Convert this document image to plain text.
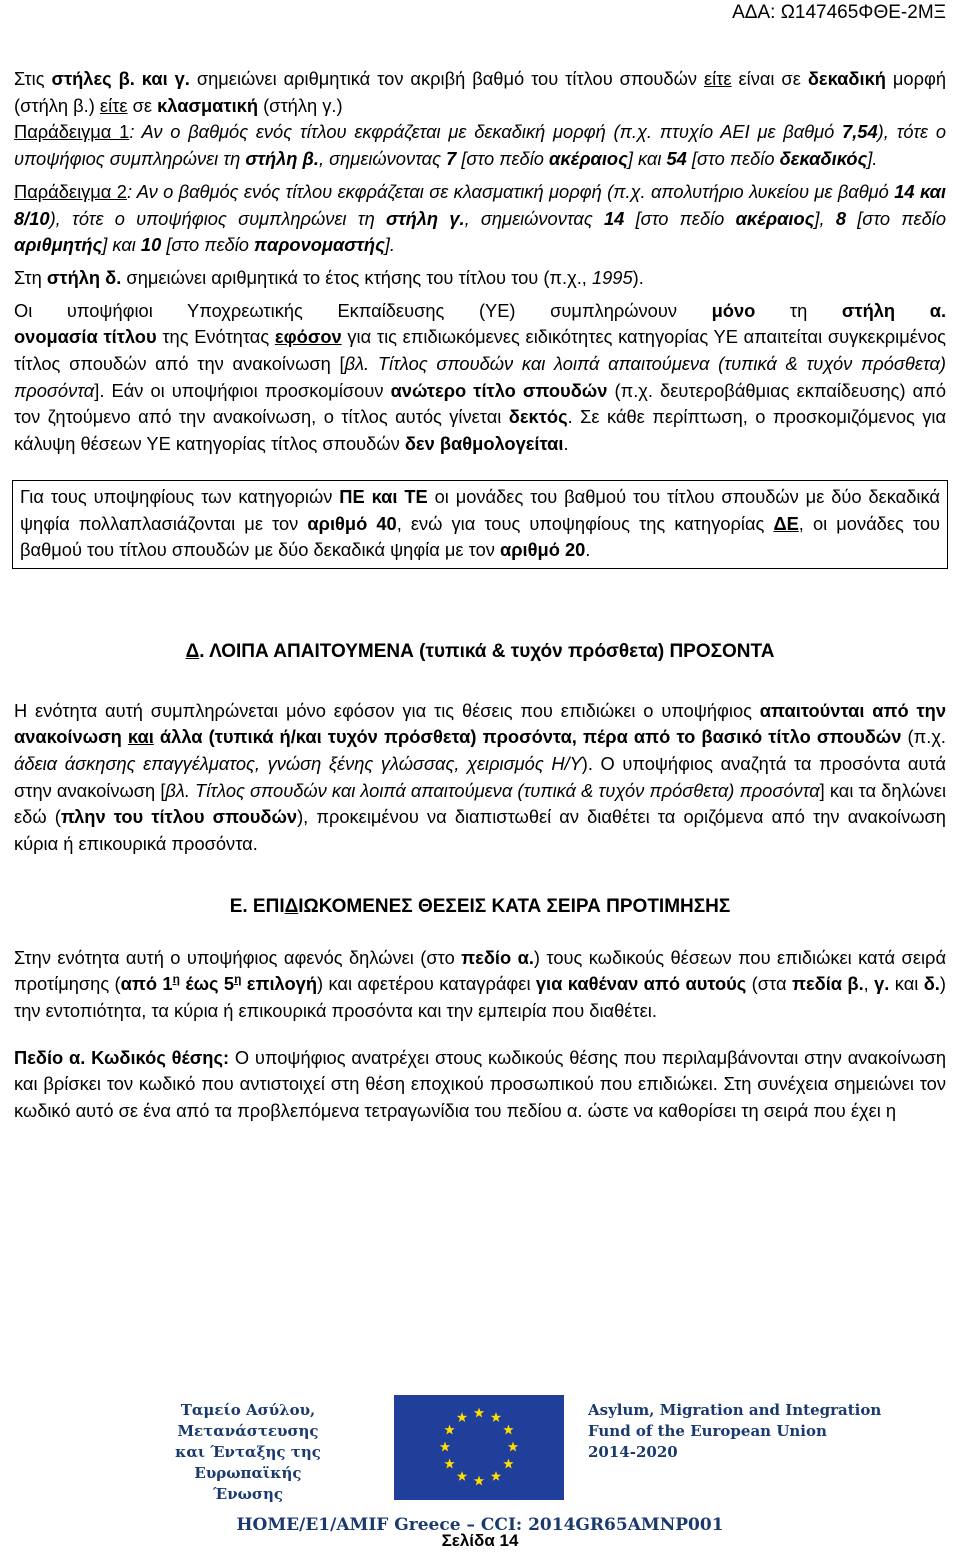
ΑΔΑ: Ω147465ΦΘΕ-2ΜΞ

Στις στήλες β. και γ. σημειώνει αριθμητικά τον ακριβή βαθμό του τίτλου σπουδών είτε είναι σε δεκαδική μορφή (στήλη β.) είτε σε κλασματική (στήλη γ.)

Παράδειγμα 1: Αν ο βαθμός ενός τίτλου εκφράζεται με δεκαδική μορφή (π.χ. πτυχίο ΑΕΙ με βαθμό 7,54), τότε ο υποψήφιος συμπληρώνει τη στήλη β., σημειώνοντας 7 [στο πεδίο ακέραιος] και 54 [στο πεδίο δεκαδικός].

Παράδειγμα 2: Αν ο βαθμός ενός τίτλου εκφράζεται σε κλασματική μορφή (π.χ. απολυτήριο λυκείου με βαθμό 14 και 8/10), τότε ο υποψήφιος συμπληρώνει τη στήλη γ., σημειώνοντας 14 [στο πεδίο ακέραιος], 8 [στο πεδίο αριθμητής] και 10 [στο πεδίο παρονομαστής].

Στη στήλη δ. σημειώνει αριθμητικά το έτος κτήσης του τίτλου του (π.χ., 1995).

Οι υποψήφιοι Υποχρεωτικής Εκπαίδευσης (ΥΕ) συμπληρώνουν μόνο τη στήλη α.

ονομασία τίτλου της Ενότητας εφόσον για τις επιδιωκόμενες ειδικότητες κατηγορίας ΥΕ απαιτείται συγκεκριμένος τίτλος σπουδών από την ανακοίνωση [βλ. Τίτλος σπουδών και λοιπά απαιτούμενα (τυπικά & τυχόν πρόσθετα) προσόντα]. Εάν οι υποψήφιοι προσκομίσουν ανώτερο τίτλο σπουδών (π.χ. δευτεροβάθμιας εκπαίδευσης) από τον ζητούμενο από την ανακοίνωση, ο τίτλος αυτός γίνεται δεκτός. Σε κάθε περίπτωση, ο προσκομιζόμενος για κάλυψη θέσεων ΥΕ κατηγορίας τίτλος σπουδών δεν βαθμολογείται.

Για τους υποψηφίους των κατηγοριών ΠΕ και ΤΕ οι μονάδες του βαθμού του τίτλου σπουδών με δύο δεκαδικά ψηφία πολλαπλασιάζονται με τον αριθμό 40, ενώ για τους υποψηφίους της κατηγορίας ΔΕ, οι μονάδες του βαθμού του τίτλου σπουδών με δύο δεκαδικά ψηφία με τον αριθμό 20.

Δ. ΛΟΙΠΑ ΑΠΑΙΤΟΥΜΕΝΑ (τυπικά & τυχόν πρόσθετα) ΠΡΟΣΟΝΤΑ

Η ενότητα αυτή συμπληρώνεται μόνο εφόσον για τις θέσεις που επιδιώκει ο υποψήφιος απαιτούνται από την ανακοίνωση και άλλα (τυπικά ή/και τυχόν πρόσθετα) προσόντα, πέρα από το βασικό τίτλο σπουδών (π.χ. άδεια άσκησης επαγγέλματος, γνώση ξένης γλώσσας, χειρισμός Η/Υ). Ο υποψήφιος αναζητά τα προσόντα αυτά στην ανακοίνωση [βλ. Τίτλος σπουδών και λοιπά απαιτούμενα (τυπικά & τυχόν πρόσθετα) προσόντα] και τα δηλώνει εδώ (πλην του τίτλου σπουδών), προκειμένου να διαπιστωθεί αν διαθέτει τα οριζόμενα από την ανακοίνωση κύρια ή επικουρικά προσόντα.

Ε. ΕΠΙΔΙΩΚΟΜΕΝΕΣ ΘΕΣΕΙΣ ΚΑΤΑ ΣΕΙΡΑ ΠΡΟΤΙΜΗΣΗΣ

Στην ενότητα αυτή ο υποψήφιος αφενός δηλώνει (στο πεδίο α.) τους κωδικούς θέσεων που επιδιώκει κατά σειρά προτίμησης (από $1^\eta$ έως $5^\eta$ επιλογή) και αφετέρου καταγράφει για καθέναν από αυτούς (στα πεδία β., γ. και δ.) την εντοπιότητα, τα κύρια ή επικουρικά προσόντα και την εμπειρία που διαθέτει.

Πεδίο α. Κωδικός θέσης: Ο υποψήφιος ανατρέχει στους κωδικούς θέσης που περιλαμβάνονται στην ανακοίνωση και βρίσκει τον κωδικό που αντιστοιχεί στη θέση εποχικού προσωπικού που επιδιώκει. Στη συνέχεια σημειώνει τον κωδικό αυτό σε ένα από τα προβλεπόμενα τετραγωνίδια του πεδίου α. ώστε να καθορίσει τη σειρά που έχει η

Ταμείο Ασύλου, Μετανάστευσης
και Ένταξης της Ευρωπαϊκής
Ένωσης
Asylum, Migration and Integration
Fund of the European Union
2014-2020
HOME/E1/AMIF Greece – CCI: 2014GR65AMNP001
Σελίδα 14
